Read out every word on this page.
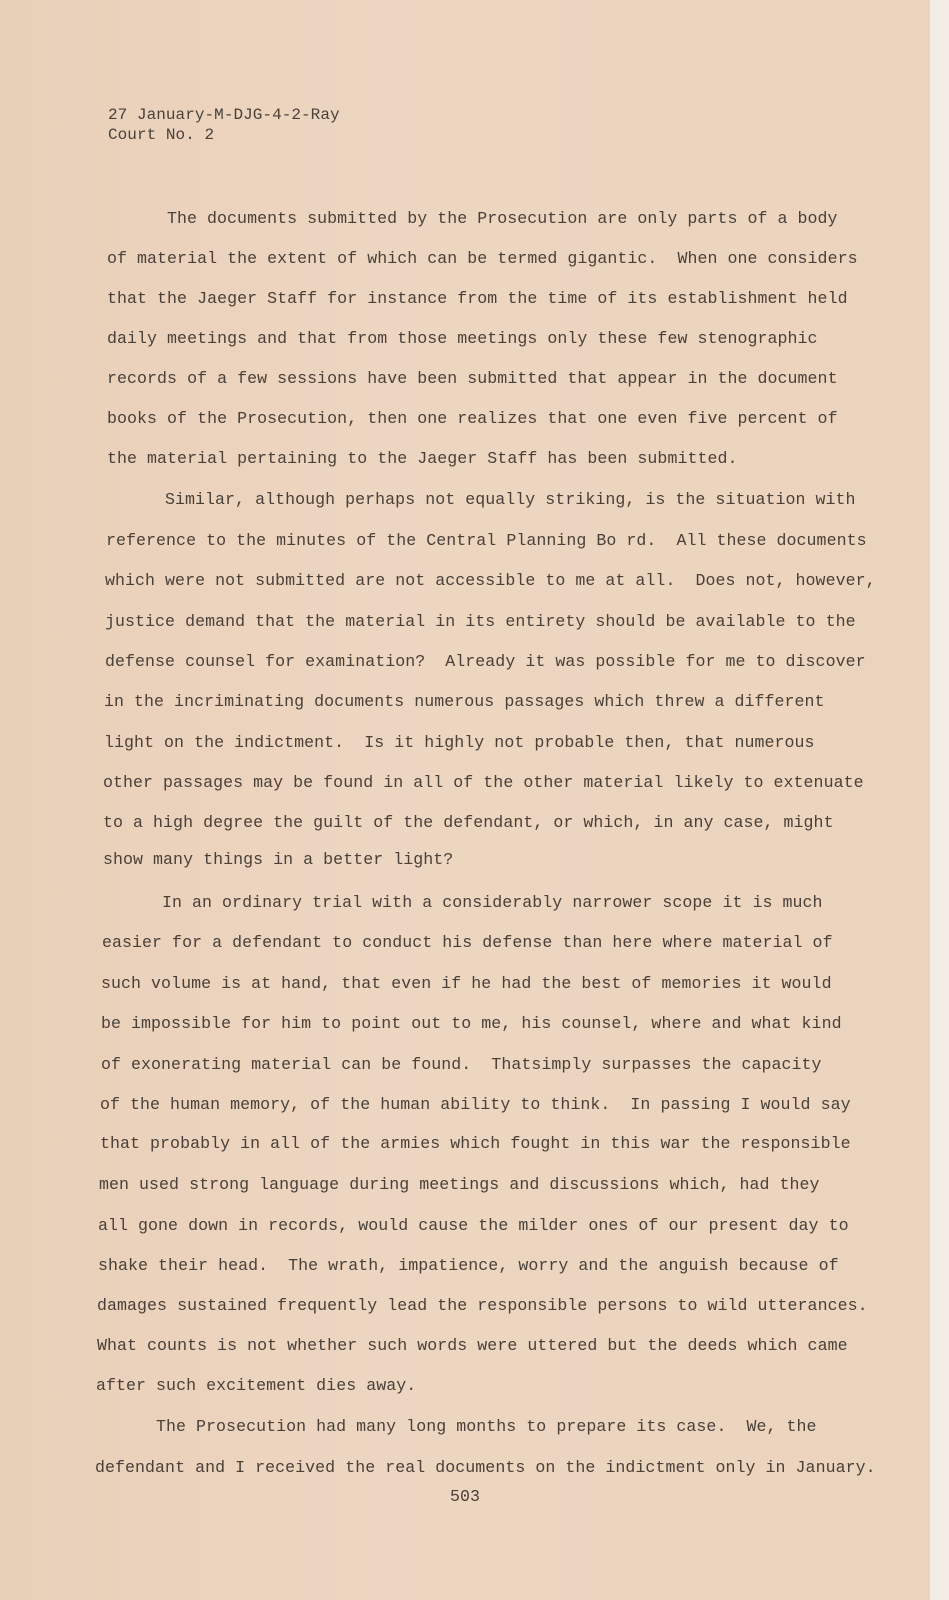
27 January-M-DJG-4-2-Ray
Court No. 2
The documents submitted by the Prosecution are only parts of a body
of material the extent of which can be termed gigantic.  When one considers
that the Jaeger Staff for instance from the time of its establishment held
daily meetings and that from those meetings only these few stenographic
records of a few sessions have been submitted that appear in the document
books of the Prosecution, then one realizes that one even five percent of
the material pertaining to the Jaeger Staff has been submitted.
Similar, although perhaps not equally striking, is the situation with
reference to the minutes of the Central Planning Bo rd.  All these documents
which were not submitted are not accessible to me at all.  Does not, however,
justice demand that the material in its entirety should be available to the
defense counsel for examination?  Already it was possible for me to discover
in the incriminating documents numerous passages which threw a different
light on the indictment.  Is it highly not probable then, that numerous
other passages may be found in all of the other material likely to extenuate
to a high degree the guilt of the defendant, or which, in any case, might
show many things in a better light?
In an ordinary trial with a considerably narrower scope it is much
easier for a defendant to conduct his defense than here where material of
such volume is at hand, that even if he had the best of memories it would
be impossible for him to point out to me, his counsel, where and what kind
of exonerating material can be found.  Thatsimply surpasses the capacity
of the human memory, of the human ability to think.  In passing I would say
that probably in all of the armies which fought in this war the responsible
men used strong language during meetings and discussions which, had they
all gone down in records, would cause the milder ones of our present day to
shake their head.  The wrath, impatience, worry and the anguish because of
damages sustained frequently lead the responsible persons to wild utterances.
What counts is not whether such words were uttered but the deeds which came
after such excitement dies away.
The Prosecution had many long months to prepare its case.  We, the
defendant and I received the real documents on the indictment only in January.
503
